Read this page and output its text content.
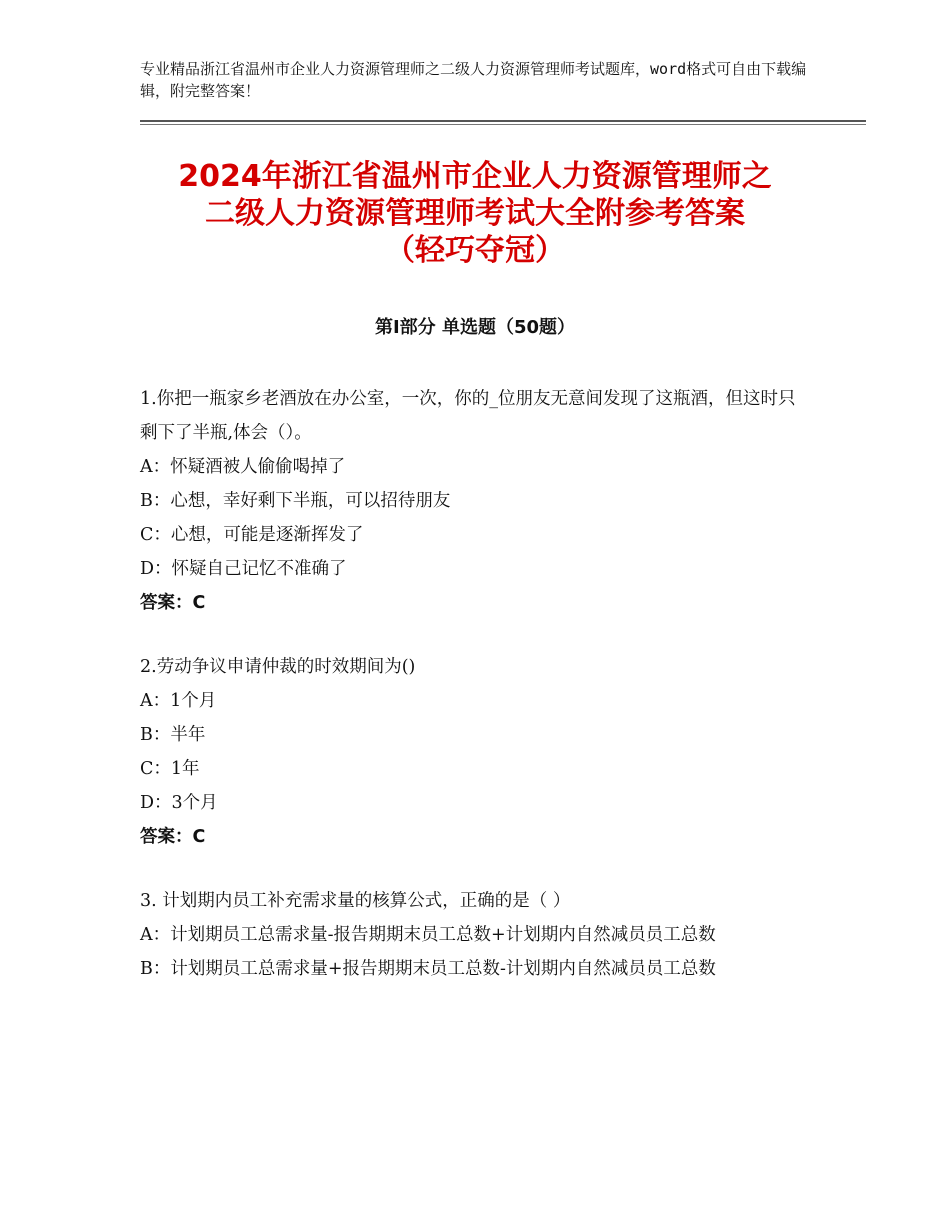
专业精品浙江省温州市企业人力资源管理师之二级人力资源管理师考试题库，word格式可自由下载编辑，附完整答案！
2024年浙江省温州市企业人力资源管理师之
二级人力资源管理师考试大全附参考答案
（轻巧夺冠）
第Ⅰ部分 单选题（50题）
1.你把一瓶家乡老酒放在办公室，一次，你的_位朋友无意间发现了这瓶酒，但这时只剩下了半瓶,体会（）。
A：怀疑酒被人偷偷喝掉了
B：心想，幸好剩下半瓶，可以招待朋友
C：心想，可能是逐渐挥发了
D：怀疑自己记忆不准确了
答案：C
2.劳动争议申请仲裁的时效期间为()
A：1个月
B：半年
C：1年
D：3个月
答案：C
3. 计划期内员工补充需求量的核算公式，正确的是（ ）
A：计划期员工总需求量-报告期期末员工总数+计划期内自然减员员工总数
B：计划期员工总需求量+报告期期末员工总数-计划期内自然减员员工总数
